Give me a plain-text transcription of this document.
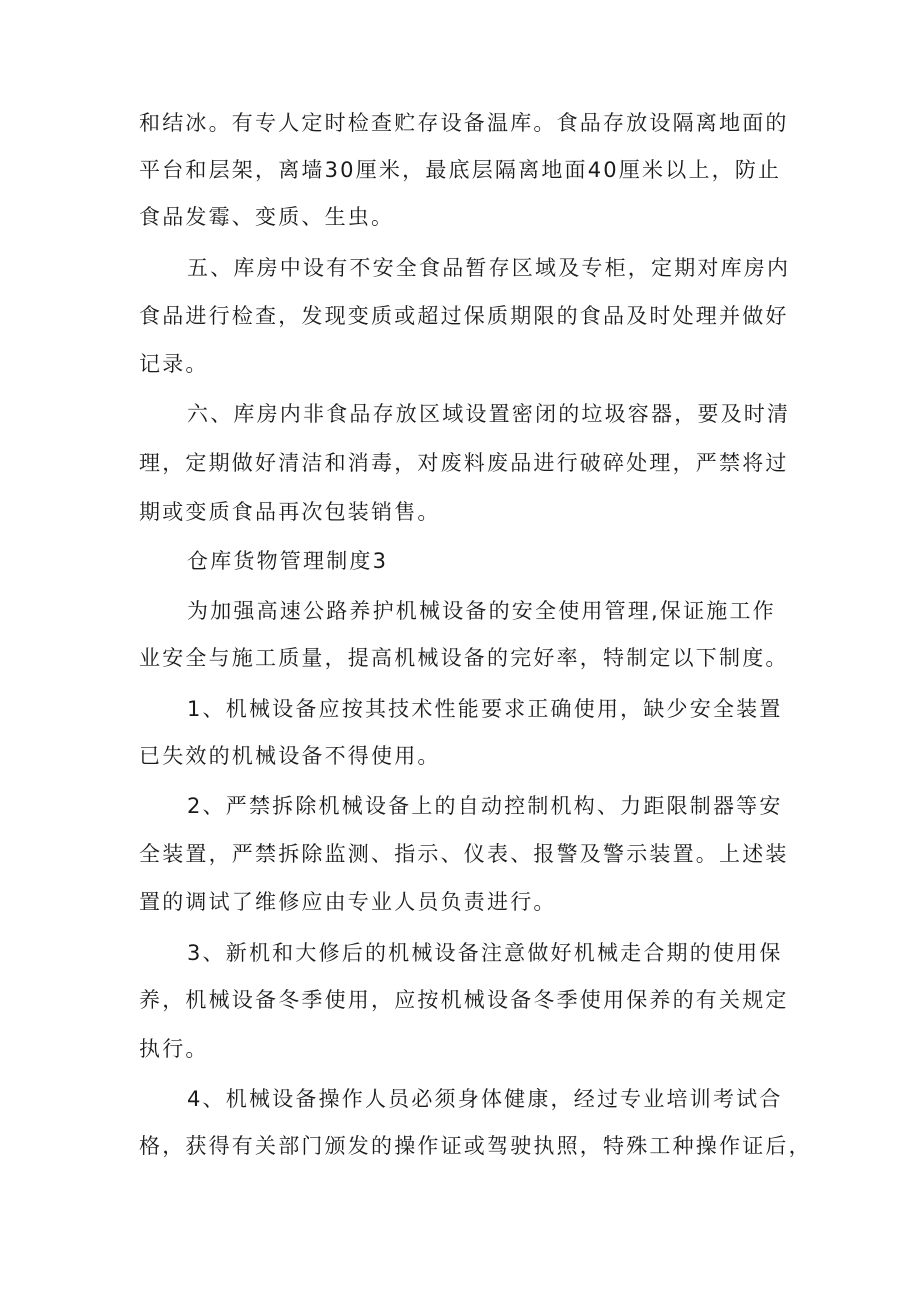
和结冰。有专人定时检查贮存设备温库。食品存放设隔离地面的
平台和层架，离墙30厘米，最底层隔离地面40厘米以上，防止
食品发霉、变质、生虫。
五、库房中设有不安全食品暂存区域及专柜，定期对库房内
食品进行检查，发现变质或超过保质期限的食品及时处理并做好
记录。
六、库房内非食品存放区域设置密闭的垃圾容器，要及时清
理，定期做好清洁和消毒，对废料废品进行破碎处理，严禁将过
期或变质食品再次包装销售。
仓库货物管理制度3
为加强高速公路养护机械设备的安全使用管理,保证施工作
业安全与施工质量，提高机械设备的完好率，特制定以下制度。
1、机械设备应按其技术性能要求正确使用，缺少安全装置
已失效的机械设备不得使用。
2、严禁拆除机械设备上的自动控制机构、力距限制器等安
全装置，严禁拆除监测、指示、仪表、报警及警示装置。上述装
置的调试了维修应由专业人员负责进行。
3、新机和大修后的机械设备注意做好机械走合期的使用保
养，机械设备冬季使用，应按机械设备冬季使用保养的有关规定
执行。
4、机械设备操作人员必须身体健康，经过专业培训考试合
格，获得有关部门颁发的操作证或驾驶执照，特殊工种操作证后，
